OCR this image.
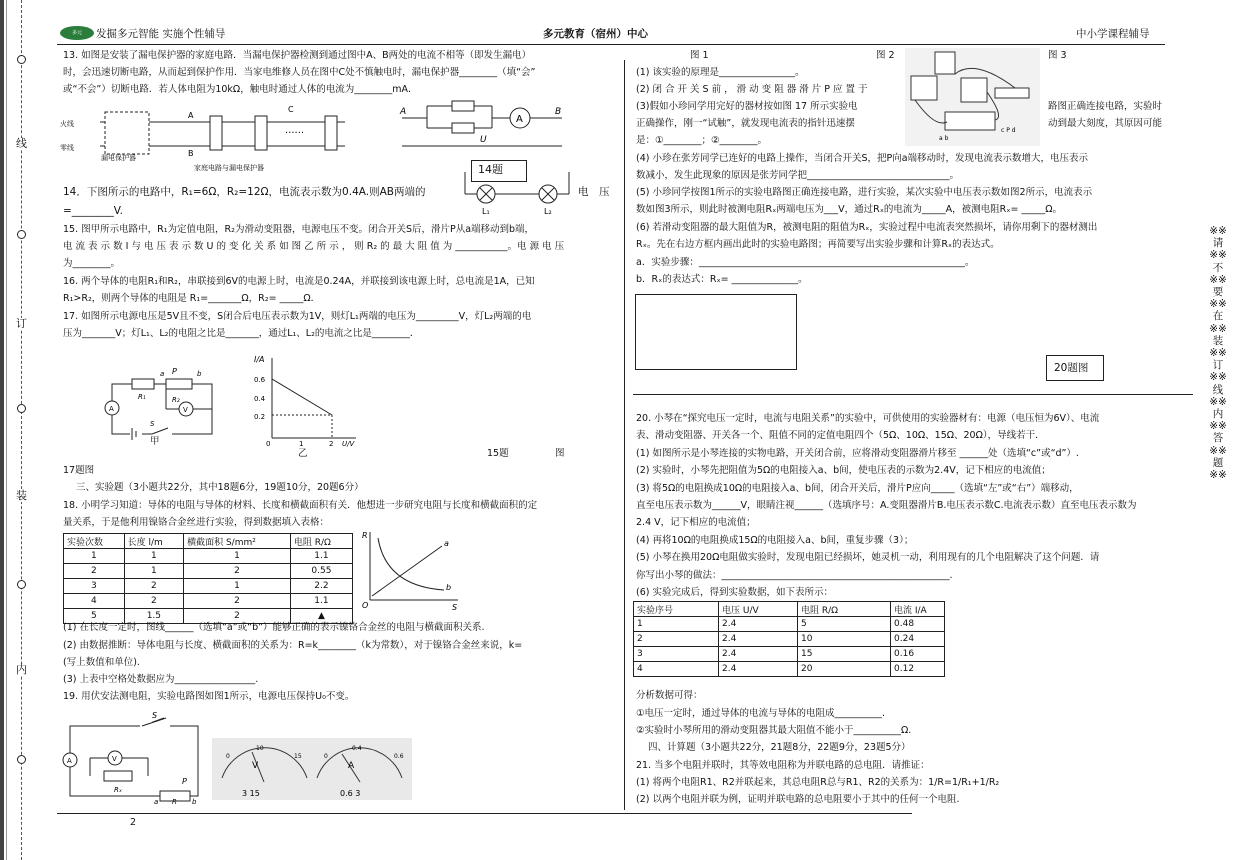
线
订
装
内
多元	发掘多元智能 实施个性辅导	多元教育（宿州）中心	中小学课程辅导
※※请※※不※※要※※在※※装※※订※※线※※内※※答※※题※※
13. 如图是安装了漏电保护器的家庭电路．当漏电保护器检测到通过图中A、B两处的电流不相等（即发生漏电）
时，会迅速切断电路，从而起到保护作用．当家电维修人员在图中C处不慎触电时，漏电保护器________（填“会”
或“不会”）切断电路．若人体电阻为10kΩ，触电时通过人体的电流为________mA．
······
A
B
C
火线
零线
漏电保护器
家庭电路与漏电保护器
A
A	B
U
14题
L₁	L₂
14．下图所示的电路中，R₁=6Ω，R₂=12Ω，电流表示数为0.4A.则AB两端的	电　压
=________V.
15. 图甲所示电路中，R₁为定值电阻，R₂为滑动变阻器，电源电压不变。闭合开关S后，滑片P从a端移动到b端，
电 流 表 示 数 I 与 电 压 表 示 数 U 的 变 化 关 系 如 图 乙 所 示 ， 则 R₂ 的 最 大 阻 值 为 ___________。电 源 电 压
为________。
16. 两个导体的电阻R₁和R₂，串联接到6V的电源上时，电流是0.24A，并联接到该电源上时，总电流是1A，已知
R₁>R₂，则两个导体的电阻是 R₁=_______Ω，R₂= _____Ω．
17. 如图所示电源电压是5V且不变，S闭合后电压表示数为1V，则灯L₁两端的电压为_________V，灯L₂两端的电
压为_______V；灯L₁、L₂的电阻之比是_______，通过L₁、L₂的电流之比是________．
R₁
P
a	b
A	V
R₂
S
甲
I/A
0.6
0.4
0.2
0	1	2 U/V
乙	15题	图
17题图
三、实验题（3小题共22分，其中18题6分，19题10分，20题6分）
18. 小明学习知道：导体的电阻与导体的材料、长度和横截面积有关．他想进一步研究电阻与长度和横截面积的定
量关系，于是他利用镍铬合金丝进行实验，得到数据填入表格：
实验次数	长度 l/m	横截面积 S/mm²	电阻 R/Ω
1	1	1	1.1
2	1	2	0.55
3	2	1	2.2
4	2	2	1.1
5	1.5	2	▲
R
O	S
a
b
(1) 在长度一定时，图线______（选填“a”或“b”）能够正确的表示镍铬合金丝的电阻与横截面积关系.
(2) 由数据推断：导体电阻与长度、横截面积的关系为：R=k________（k为常数），对于镍铬合金丝来说，k=
(写上数值和单位).
(3) 上表中空格处数据应为_________________.
19. 用伏安法测电阻，实验电路图如图1所示，电源电压保持U₀不变。
S
A	V
Rₓ
P
a	b
R
V	A
0
10
15	0
0.4
0.6
3 15	0.6 3
2
图 1	图 2	图 3
a b
c P d
(1) 该实验的原理是________________。
(2) 闭 合 开 关 S 前 ， 滑 动 变 阻 器 滑 片 P 应 置 于
(3)假如小珍同学用完好的器材按如图 17 所示实验电	路图正确连接电路，实验时
正确操作，刚一“试触”，就发现电流表的指针迅速摆	动到最大刻度，其原因可能
是：①________；②________。
(4) 小珍在张芳同学已连好的电路上操作，当闭合开关S，把P向a端移动时，发现电流表示数增大，电压表示
数减小，发生此现象的原因是张芳同学把______________________________。
(5) 小珍同学按图1所示的实验电路图正确连接电路，进行实验，某次实验中电压表示数如图2所示，电流表示
数如图3所示，则此时被测电阻Rₓ两端电压为___V，通过Rₓ的电流为_____A，被测电阻Rₓ= _____Ω。
(6) 若滑动变阻器的最大阻值为R，被测电阻的阻值为Rₓ，实验过程中电流表突然损坏，请你用剩下的器材测出
Rₓ。先在右边方框内画出此时的实验电路图；再简要写出实验步骤和计算Rₓ的表达式。
a．实验步骤：________________________________________________________。
b．Rₓ的表达式：Rₓ= ______________。
20题图
20. 小琴在“探究电压一定时，电流与电阻关系”的实验中，可供使用的实验器材有：电源（电压恒为6V）、电流
表、滑动变阻器、开关各一个、阻值不同的定值电阻四个（5Ω、10Ω、15Ω、20Ω），导线若干．
(1) 如图所示是小琴连接的实物电路，开关闭合前，应将滑动变阻器滑片移至 ______处（选填“c”或“d”）.
(2) 实验时，小琴先把阻值为5Ω的电阻接入a、b间，使电压表的示数为2.4V，记下相应的电流值；
(3) 将5Ω的电阻换成10Ω的电阻接入a、b间，闭合开关后，滑片P应向_____（选填“左”或“右”）端移动，
直至电压表示数为______V，眼睛注视______（选填序号：A.变阻器滑片B.电压表示数C.电流表示数）直至电压表示数为
2.4 V，记下相应的电流值；
(4) 再将10Ω的电阻换成15Ω的电阻接入a、b间，重复步骤（3）；
(5) 小琴在换用20Ω电阻做实验时，发现电阻已经损坏，她灵机一动，利用现有的几个电阻解决了这个问题．请
你写出小琴的做法：________________________________________________.
(6) 实验完成后，得到实验数据，如下表所示：
实验序号	电压 U/V	电阻 R/Ω	电流 I/A
1	2.4	5	0.48
2	2.4	10	0.24
3	2.4	15	0.16
4	2.4	20	0.12
分析数据可得：
①电压一定时，通过导体的电流与导体的电阻成__________.
②实验时小琴所用的滑动变阻器其最大阻值不能小于__________Ω.
四、计算题（3小题共22分，21题8分，22题9分，23题5分）
21. 当多个电阻并联时，其等效电阻称为并联电路的总电阻．请推证：
(1) 将两个电阻R1、R2并联起来，其总电阻R总与R1、R2的关系为：1/R=1/R₁+1/R₂
(2) 以两个电阻并联为例，证明并联电路的总电阻要小于其中的任何一个电阻.
